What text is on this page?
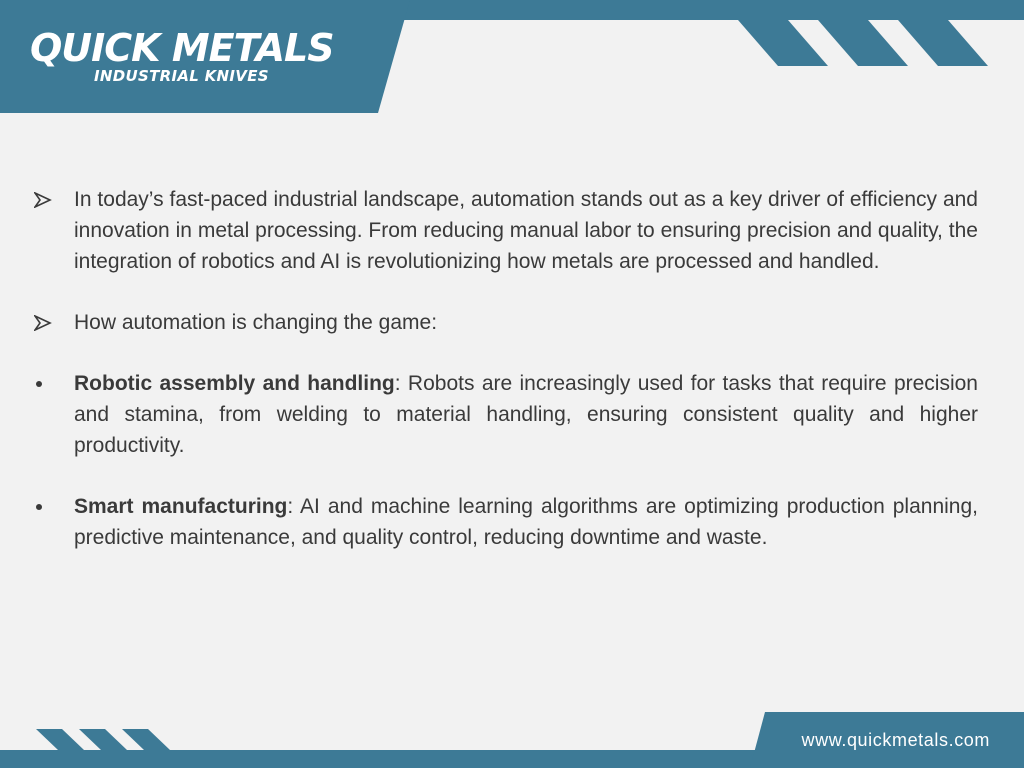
QUICK METALS
INDUSTRIAL KNIVES
In today’s fast-paced industrial landscape, automation stands out as a key driver of efficiency and innovation in metal processing. From reducing manual labor to ensuring precision and quality, the integration of robotics and AI is revolutionizing how metals are processed and handled.
How automation is changing the game:
Robotic assembly and handling: Robots are increasingly used for tasks that require precision and stamina, from welding to material handling, ensuring consistent quality and higher productivity.
Smart manufacturing: AI and machine learning algorithms are optimizing production planning, predictive maintenance, and quality control, reducing downtime and waste.
www.quickmetals.com
